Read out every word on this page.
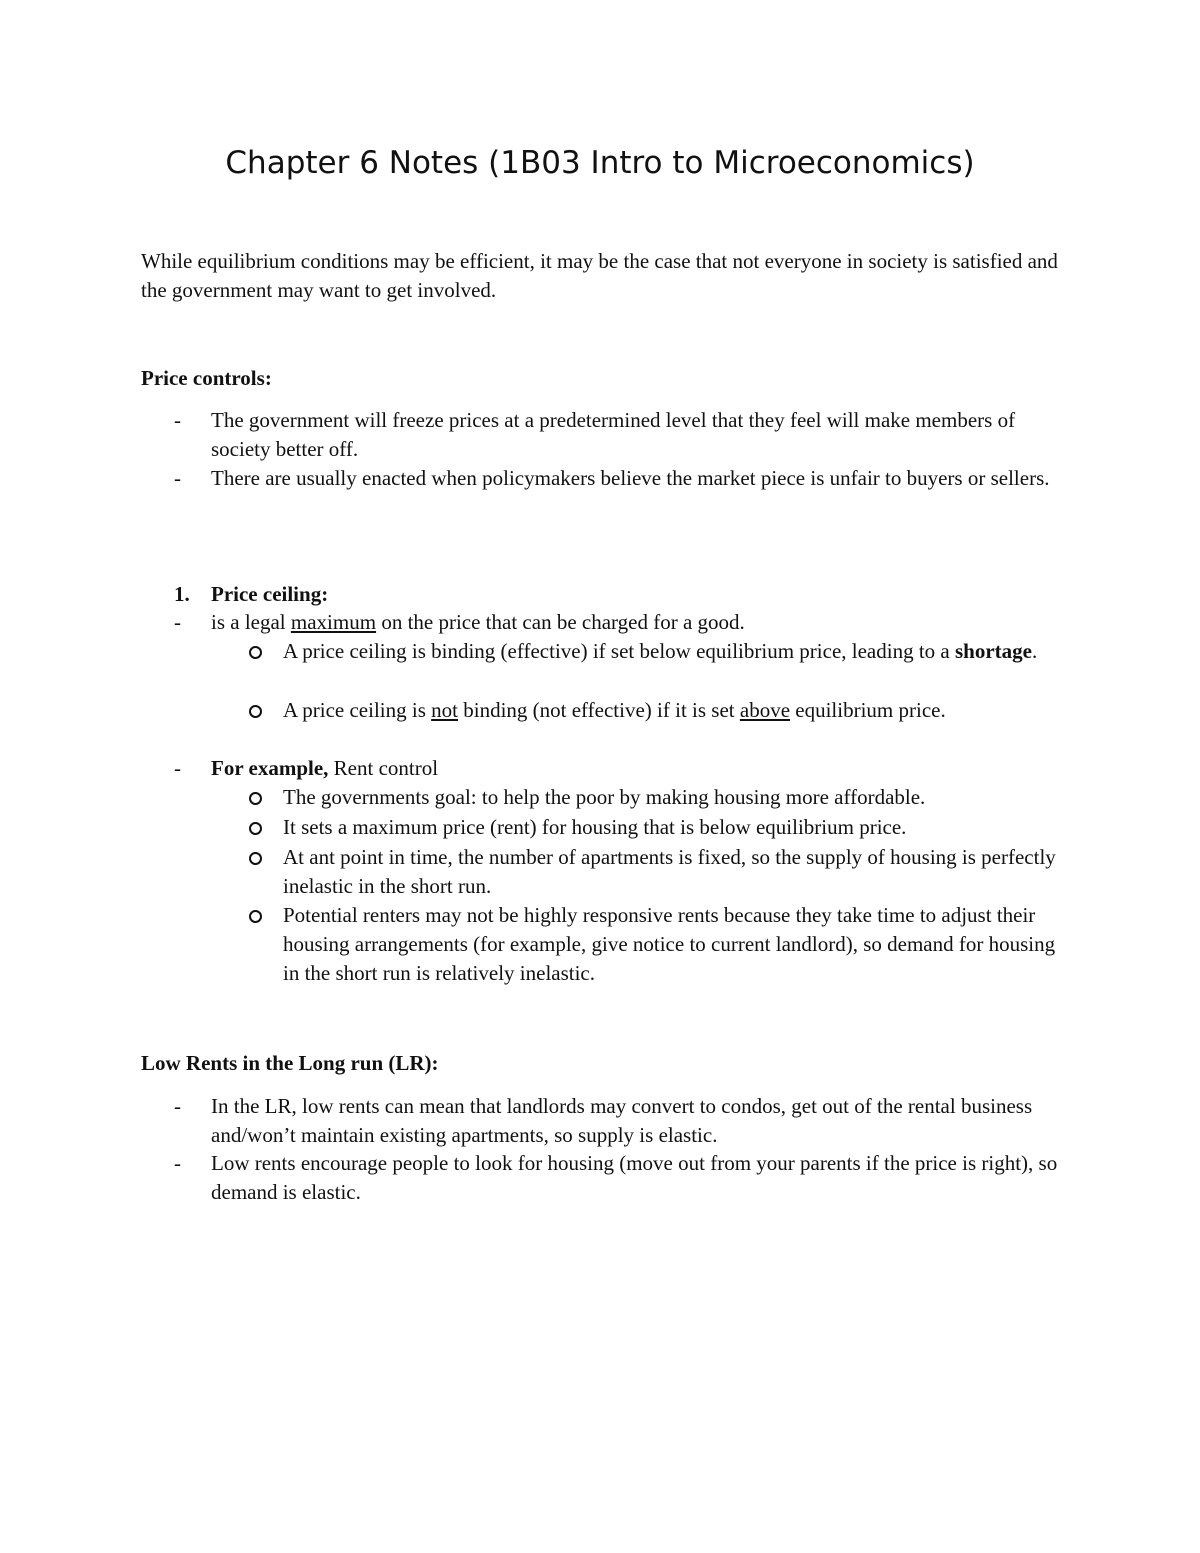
Chapter 6 Notes (1B03 Intro to Microeconomics)

While equilibrium conditions may be efficient, it may be the case that not everyone in society is satisfied and the government may want to get involved.

Price controls:

-	The government will freeze prices at a predetermined level that they feel will make members of society better off.
-	There are usually enacted when policymakers believe the market piece is unfair to buyers or sellers.
1. Price ceiling:
-	is a legal maximum on the price that can be charged for a good.
A price ceiling is binding (effective) if set below equilibrium price, leading to a shortage.
A price ceiling is not binding (not effective) if it is set above equilibrium price.
-	For example, Rent control
The governments goal: to help the poor by making housing more affordable.
It sets a maximum price (rent) for housing that is below equilibrium price.
At ant point in time, the number of apartments is fixed, so the supply of housing is perfectly inelastic in the short run.
Potential renters may not be highly responsive rents because they take time to adjust their housing arrangements (for example, give notice to current landlord), so demand for housing in the short run is relatively inelastic.

Low Rents in the Long run (LR):

-	In the LR, low rents can mean that landlords may convert to condos, get out of the rental business and/won’t maintain existing apartments, so supply is elastic.
-	Low rents encourage people to look for housing (move out from your parents if the price is right), so demand is elastic.
